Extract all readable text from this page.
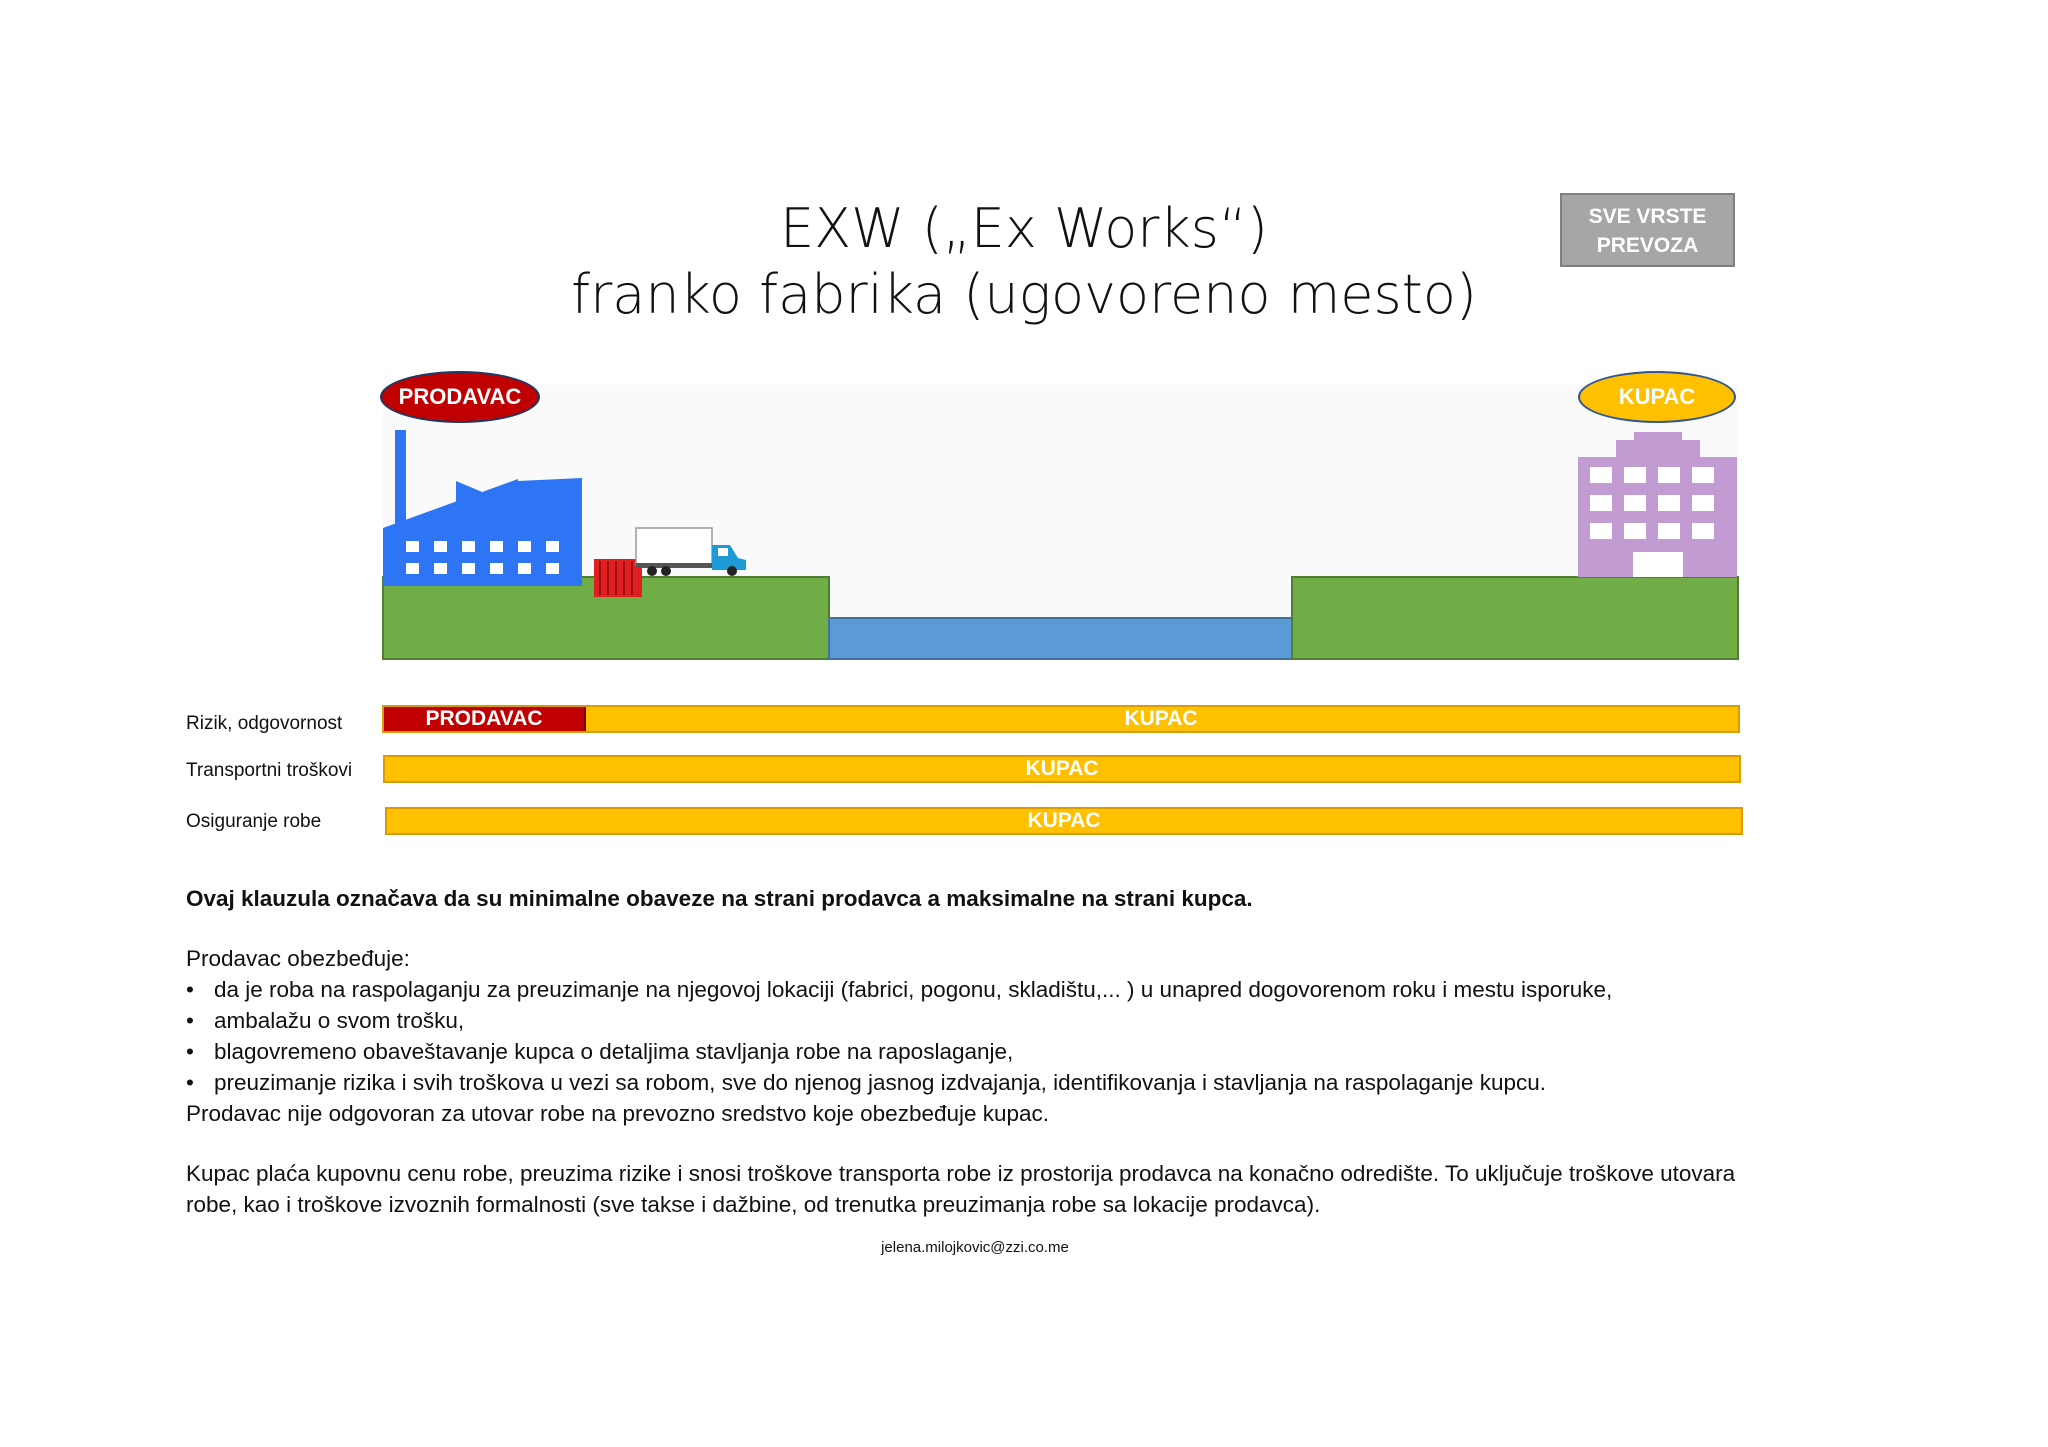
EXW („Ex Works“)
franko fabrika (ugovoreno mesto)
SVE VRSTE
PREVOZA
PRODAVAC	KUPAC
Rizik, odgovornost	PRODAVAC	KUPAC
Transportni troškovi	KUPAC
Osiguranje robe	KUPAC
Ovaj klauzula označava da su minimalne obaveze na strani prodavca a maksimalne na strani kupca.
Prodavac obezbeđuje:
• da je roba na raspolaganju za preuzimanje na njegovoj lokaciji (fabrici, pogonu, skladištu,... ) u unapred dogovorenom roku i mestu isporuke,
• ambalažu o svom trošku,
• blagovremeno obaveštavanje kupca o detaljima stavljanja robe na raposlaganje,
• preuzimanje rizika i svih troškova u vezi sa robom, sve do njenog jasnog izdvajanja, identifikovanja i stavljanja na raspolaganje kupcu.
Prodavac nije odgovoran za utovar robe na prevozno sredstvo koje obezbeđuje kupac.
Kupac plaća kupovnu cenu robe, preuzima rizike i snosi troškove transporta robe iz prostorija prodavca na konačno odredište. To uključuje troškove utovara
robe, kao i troškove izvoznih formalnosti (sve takse i dažbine, od trenutka preuzimanja robe sa lokacije prodavca).
jelena.milojkovic@zzi.co.me
